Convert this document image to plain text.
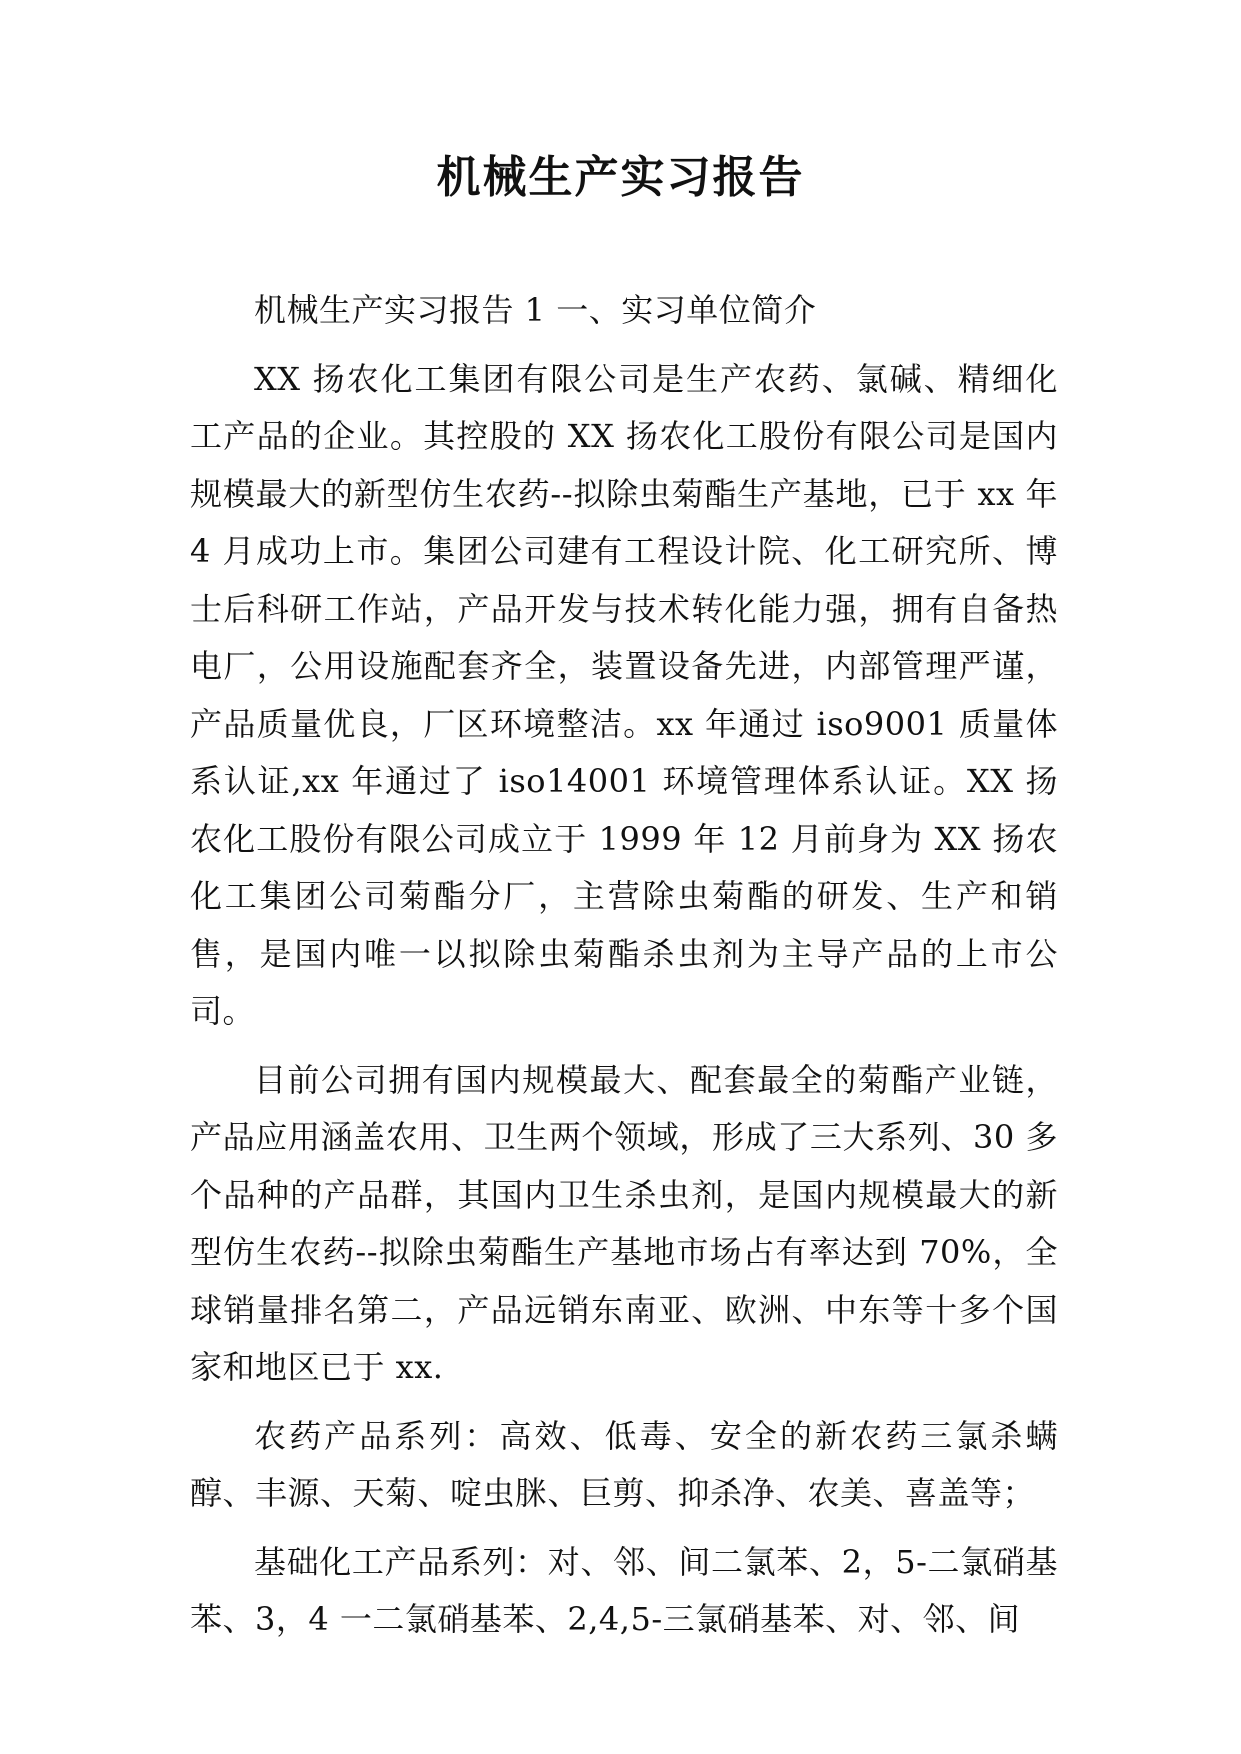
机械生产实习报告

机械生产实习报告 1 一、实习单位简介

XX 扬农化工集团有限公司是生产农药、氯碱、精细化工产品的企业。其控股的 XX 扬农化工股份有限公司是国内规模最大的新型仿生农药--拟除虫菊酯生产基地，已于 xx 年 4 月成功上市。集团公司建有工程设计院、化工研究所、博士后科研工作站，产品开发与技术转化能力强，拥有自备热电厂，公用设施配套齐全，装置设备先进，内部管理严谨，产品质量优良，厂区环境整洁。xx 年通过 iso9001 质量体系认证,xx 年通过了 iso14001 环境管理体系认证。XX 扬农化工股份有限公司成立于 1999 年 12 月前身为 XX 扬农化工集团公司菊酯分厂，主营除虫菊酯的研发、生产和销售，是国内唯一以拟除虫菊酯杀虫剂为主导产品的上市公司。

目前公司拥有国内规模最大、配套最全的菊酯产业链，产品应用涵盖农用、卫生两个领域，形成了三大系列、30 多个品种的产品群，其国内卫生杀虫剂，是国内规模最大的新型仿生农药--拟除虫菊酯生产基地市场占有率达到 70%，全球销量排名第二，产品远销东南亚、欧洲、中东等十多个国家和地区已于 xx.

农药产品系列：高效、低毒、安全的新农药三氯杀螨醇、丰源、天菊、啶虫脒、巨剪、抑杀净、农美、喜盖等；

基础化工产品系列：对、邻、间二氯苯、2，5-二氯硝基苯、3，4 一二氯硝基苯、2,4,5-三氯硝基苯、对、邻、间
